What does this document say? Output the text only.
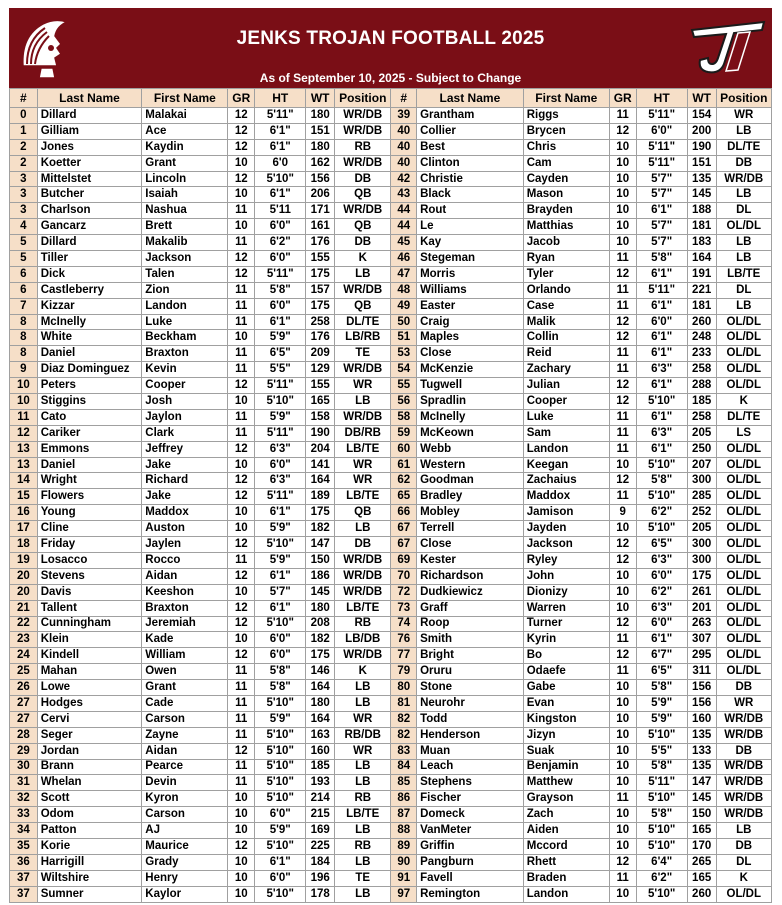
JENKS TROJAN FOOTBALL 2025
As of September 10, 2025 - Subject to Change
#	Last Name	First Name	GR	HT	WT	Position	#	Last Name	First Name	GR	HT	WT	Position
0	Dillard	Malakai	12	5'11"	180	WR/DB	39	Grantham	Riggs	11	5'11"	154	WR
1	Gilliam	Ace	12	6'1"	151	WR/DB	40	Collier	Brycen	12	6'0"	200	LB
2	Jones	Kaydin	12	6'1"	180	RB	40	Best	Chris	10	5'11"	190	DL/TE
2	Koetter	Grant	10	6'0	162	WR/DB	40	Clinton	Cam	10	5'11"	151	DB
3	Mittelstet	Lincoln	12	5'10"	156	DB	42	Christie	Cayden	10	5'7"	135	WR/DB
3	Butcher	Isaiah	10	6'1"	206	QB	43	Black	Mason	10	5'7"	145	LB
3	Charlson	Nashua	11	5'11	171	WR/DB	44	Rout	Brayden	10	6'1"	188	DL
4	Gancarz	Brett	10	6'0"	161	QB	44	Le	Matthias	10	5'7"	181	OL/DL
5	Dillard	Makalib	11	6'2"	176	DB	45	Kay	Jacob	10	5'7"	183	LB
5	Tiller	Jackson	12	6'0"	155	K	46	Stegeman	Ryan	11	5'8"	164	LB
6	Dick	Talen	12	5'11"	175	LB	47	Morris	Tyler	12	6'1"	191	LB/TE
6	Castleberry	Zion	11	5'8"	157	WR/DB	48	Williams	Orlando	11	5'11"	221	DL
7	Kizzar	Landon	11	6'0"	175	QB	49	Easter	Case	11	6'1"	181	LB
8	McInelly	Luke	11	6'1"	258	DL/TE	50	Craig	Malik	12	6'0"	260	OL/DL
8	White	Beckham	10	5'9"	176	LB/RB	51	Maples	Collin	12	6'1"	248	OL/DL
8	Daniel	Braxton	11	6'5"	209	TE	53	Close	Reid	11	6'1"	233	OL/DL
9	Diaz Dominguez	Kevin	11	5'5"	129	WR/DB	54	McKenzie	Zachary	11	6'3"	258	OL/DL
10	Peters	Cooper	12	5'11"	155	WR	55	Tugwell	Julian	12	6'1"	288	OL/DL
10	Stiggins	Josh	10	5'10"	165	LB	56	Spradlin	Cooper	12	5'10"	185	K
11	Cato	Jaylon	11	5'9"	158	WR/DB	58	McInelly	Luke	11	6'1"	258	DL/TE
12	Cariker	Clark	11	5'11"	190	DB/RB	59	McKeown	Sam	11	6'3"	205	LS
13	Emmons	Jeffrey	12	6'3"	204	LB/TE	60	Webb	Landon	11	6'1"	250	OL/DL
13	Daniel	Jake	10	6'0"	141	WR	61	Western	Keegan	10	5'10"	207	OL/DL
14	Wright	Richard	12	6'3"	164	WR	62	Goodman	Zachaius	12	5'8"	300	OL/DL
15	Flowers	Jake	12	5'11"	189	LB/TE	65	Bradley	Maddox	11	5'10"	285	OL/DL
16	Young	Maddox	10	6'1"	175	QB	66	Mobley	Jamison	9	6'2"	252	OL/DL
17	Cline	Auston	10	5'9"	182	LB	67	Terrell	Jayden	10	5'10"	205	OL/DL
18	Friday	Jaylen	12	5'10"	147	DB	67	Close	Jackson	12	6'5"	300	OL/DL
19	Losacco	Rocco	11	5'9"	150	WR/DB	69	Kester	Ryley	12	6'3"	300	OL/DL
20	Stevens	Aidan	12	6'1"	186	WR/DB	70	Richardson	John	10	6'0"	175	OL/DL
20	Davis	Keeshon	10	5'7"	145	WR/DB	72	Dudkiewicz	Dionizy	10	6'2"	261	OL/DL
21	Tallent	Braxton	12	6'1"	180	LB/TE	73	Graff	Warren	10	6'3"	201	OL/DL
22	Cunningham	Jeremiah	12	5'10"	208	RB	74	Roop	Turner	12	6'0"	263	OL/DL
23	Klein	Kade	10	6'0"	182	LB/DB	76	Smith	Kyrin	11	6'1"	307	OL/DL
24	Kindell	William	12	6'0"	175	WR/DB	77	Bright	Bo	12	6'7"	295	OL/DL
25	Mahan	Owen	11	5'8"	146	K	79	Oruru	Odaefe	11	6'5"	311	OL/DL
26	Lowe	Grant	11	5'8"	164	LB	80	Stone	Gabe	10	5'8"	156	DB
27	Hodges	Cade	11	5'10"	180	LB	81	Neurohr	Evan	10	5'9"	156	WR
27	Cervi	Carson	11	5'9"	164	WR	82	Todd	Kingston	10	5'9"	160	WR/DB
28	Seger	Zayne	11	5'10"	163	RB/DB	82	Henderson	Jizyn	10	5'10"	135	WR/DB
29	Jordan	Aidan	12	5'10"	160	WR	83	Muan	Suak	10	5'5"	133	DB
30	Brann	Pearce	11	5'10"	185	LB	84	Leach	Benjamin	10	5'8"	135	WR/DB
31	Whelan	Devin	11	5'10"	193	LB	85	Stephens	Matthew	10	5'11"	147	WR/DB
32	Scott	Kyron	10	5'10"	214	RB	86	Fischer	Grayson	11	5'10"	145	WR/DB
33	Odom	Carson	10	6'0"	215	LB/TE	87	Domeck	Zach	10	5'8"	150	WR/DB
34	Patton	AJ	10	5'9"	169	LB	88	VanMeter	Aiden	10	5'10"	165	LB
35	Korie	Maurice	12	5'10"	225	RB	89	Griffin	Mccord	10	5'10"	170	DB
36	Harrigill	Grady	10	6'1"	184	LB	90	Pangburn	Rhett	12	6'4"	265	DL
37	Wiltshire	Henry	10	6'0"	196	TE	91	Favell	Braden	11	6'2"	165	K
37	Sumner	Kaylor	10	5'10"	178	LB	97	Remington	Landon	10	5'10"	260	OL/DL
